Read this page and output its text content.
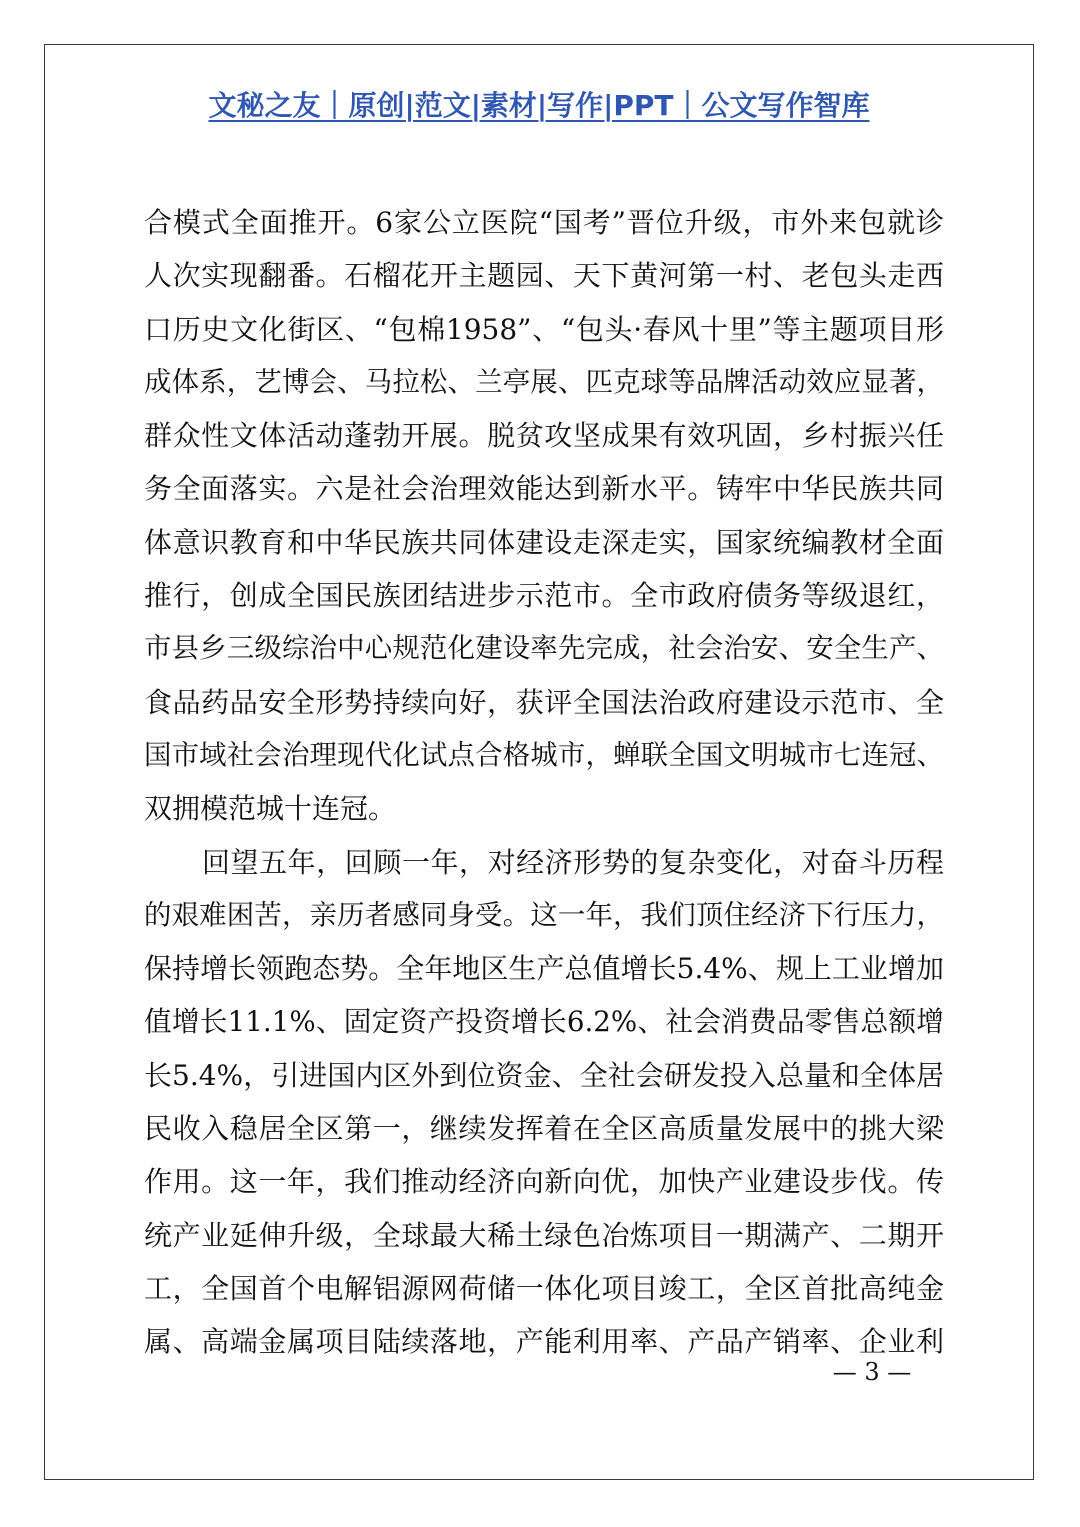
文秘之友｜原创|范文|素材|写作|PPT｜公文写作智库
合模式全面推开。6家公立医院“国考”晋位升级，市外来包就诊
人次实现翻番。石榴花开主题园、天下黄河第一村、老包头走西
口历史文化街区、“包棉1958”、“包头·春风十里”等主题项目形
成体系，艺博会、马拉松、兰亭展、匹克球等品牌活动效应显著，
群众性文体活动蓬勃开展。脱贫攻坚成果有效巩固，乡村振兴任
务全面落实。六是社会治理效能达到新水平。铸牢中华民族共同
体意识教育和中华民族共同体建设走深走实，国家统编教材全面
推行，创成全国民族团结进步示范市。全市政府债务等级退红，
市县乡三级综治中心规范化建设率先完成，社会治安、安全生产、
食品药品安全形势持续向好，获评全国法治政府建设示范市、全
国市域社会治理现代化试点合格城市，蝉联全国文明城市七连冠、
双拥模范城十连冠。
回望五年，回顾一年，对经济形势的复杂变化，对奋斗历程
的艰难困苦，亲历者感同身受。这一年，我们顶住经济下行压力，
保持增长领跑态势。全年地区生产总值增长5.4%、规上工业增加
值增长11.1%、固定资产投资增长6.2%、社会消费品零售总额增
长5.4%，引进国内区外到位资金、全社会研发投入总量和全体居
民收入稳居全区第一，继续发挥着在全区高质量发展中的挑大梁
作用。这一年，我们推动经济向新向优，加快产业建设步伐。传
统产业延伸升级，全球最大稀土绿色冶炼项目一期满产、二期开
工，全国首个电解铝源网荷储一体化项目竣工，全区首批高纯金
属、高端金属项目陆续落地，产能利用率、产品产销率、企业利
— 3 —
